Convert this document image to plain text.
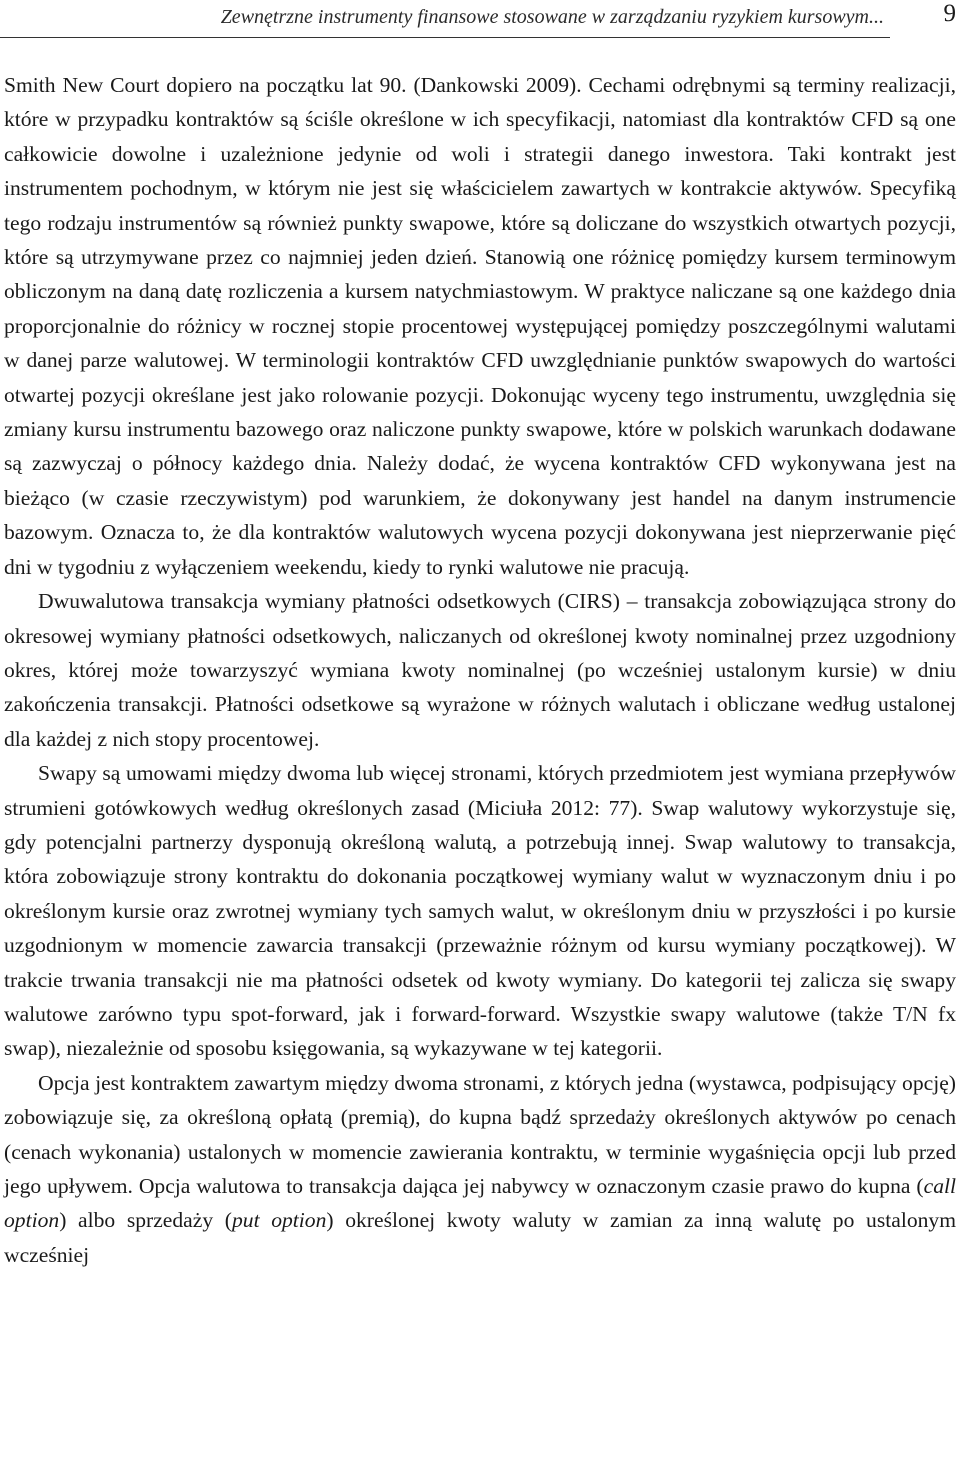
Zewnętrzne instrumenty finansowe stosowane w zarządzaniu ryzykiem kursowym... 9

Smith New Court dopiero na początku lat 90. (Dankowski 2009). Cechami odrębnymi są terminy realizacji, które w przypadku kontraktów są ściśle określone w ich specyfikacji, natomiast dla kontraktów CFD są one całkowicie dowolne i uzależnione jedynie od woli i strategii danego inwestora. Taki kontrakt jest instrumentem pochodnym, w którym nie jest się właścicielem zawartych w kontrakcie aktywów. Specyfiką tego rodzaju instrumentów są również punkty swapowe, które są doliczane do wszystkich otwartych pozycji, które są utrzymywane przez co najmniej jeden dzień. Stanowią one różnicę pomiędzy kursem terminowym obliczonym na daną datę rozliczenia a kursem natychmiastowym. W praktyce naliczane są one każdego dnia proporcjonalnie do różnicy w rocznej stopie procentowej występującej pomiędzy poszczególnymi walutami w danej parze walutowej. W terminologii kontraktów CFD uwzględnianie punktów swapowych do wartości otwartej pozycji określane jest jako rolowanie pozycji. Dokonując wyceny tego instrumentu, uwzględnia się zmiany kursu instrumentu bazowego oraz naliczone punkty swapowe, które w polskich warunkach dodawane są zazwyczaj o północy każdego dnia. Należy dodać, że wycena kontraktów CFD wykonywana jest na bieżąco (w czasie rzeczywistym) pod warunkiem, że dokonywany jest handel na danym instrumencie bazowym. Oznacza to, że dla kontraktów walutowych wycena pozycji dokonywana jest nieprzerwanie pięć dni w tygodniu z wyłączeniem weekendu, kiedy to rynki walutowe nie pracują.

Dwuwalutowa transakcja wymiany płatności odsetkowych (CIRS) – transakcja zobowiązująca strony do okresowej wymiany płatności odsetkowych, naliczanych od określonej kwoty nominalnej przez uzgodniony okres, której może towarzyszyć wymiana kwoty nominalnej (po wcześniej ustalonym kursie) w dniu zakończenia transakcji. Płatności odsetkowe są wyrażone w różnych walutach i obliczane według ustalonej dla każdej z nich stopy procentowej.

Swapy są umowami między dwoma lub więcej stronami, których przedmiotem jest wymiana przepływów strumieni gotówkowych według określonych zasad (Miciuła 2012: 77). Swap walutowy wykorzystuje się, gdy potencjalni partnerzy dysponują określoną walutą, a potrzebują innej. Swap walutowy to transakcja, która zobowiązuje strony kontraktu do dokonania początkowej wymiany walut w wyznaczonym dniu i po określonym kursie oraz zwrotnej wymiany tych samych walut, w określonym dniu w przyszłości i po kursie uzgodnionym w momencie zawarcia transakcji (przeważnie różnym od kursu wymiany początkowej). W trakcie trwania transakcji nie ma płatności odsetek od kwoty wymiany. Do kategorii tej zalicza się swapy walutowe zarówno typu spot-forward, jak i forward-forward. Wszystkie swapy walutowe (także T/N fx swap), niezależnie od sposobu księgowania, są wykazywane w tej kategorii.

Opcja jest kontraktem zawartym między dwoma stronami, z których jedna (wystawca, podpisujący opcję) zobowiązuje się, za określoną opłatą (premią), do kupna bądź sprzedaży określonych aktywów po cenach (cenach wykonania) ustalonych w momencie zawierania kontraktu, w terminie wygaśnięcia opcji lub przed jego upływem. Opcja walutowa to transakcja dająca jej nabywcy w oznaczonym czasie prawo do kupna (call option) albo sprzedaży (put option) określonej kwoty waluty w zamian za inną walutę po ustalonym wcześniej
